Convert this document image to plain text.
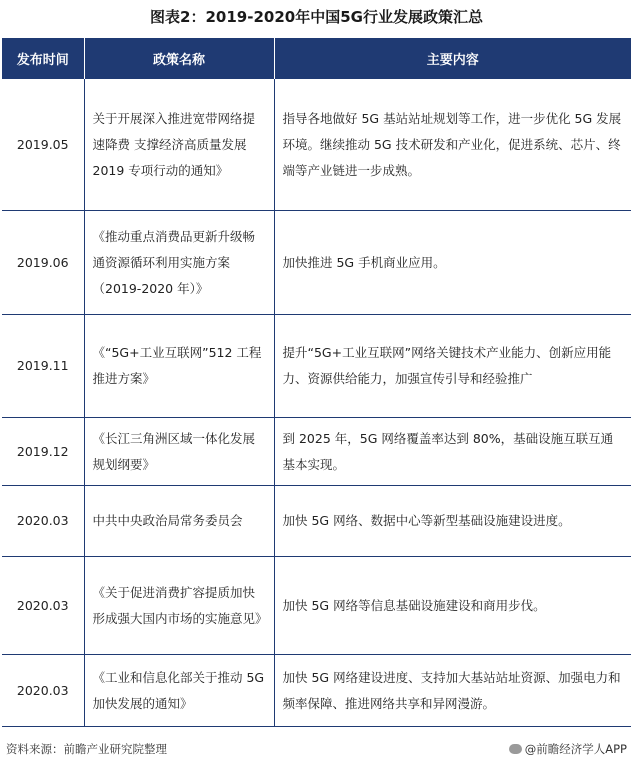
图表2：2019-2020年中国5G行业发展政策汇总
发布时间	政策名称	主要内容
2019.05	关于开展深入推进宽带网络提速降费 支撑经济高质量发展 2019 专项行动的通知》	指导各地做好 5G 基站站址规划等工作，进一步优化 5G 发展环境。继续推动 5G 技术研发和产业化，促进系统、芯片、终端等产业链进一步成熟。
2019.06	《推动重点消费品更新升级畅通资源循环利用实施方案（2019-2020 年）》	加快推进 5G 手机商业应用。
2019.11	《“5G+工业互联网”512 工程推进方案》	提升“5G+工业互联网”网络关键技术产业能力、创新应用能力、资源供给能力，加强宣传引导和经验推广
2019.12	《长江三角洲区域一体化发展规划纲要》	到 2025 年，5G 网络覆盖率达到 80%，基础设施互联互通基本实现。
2020.03	中共中央政治局常务委员会	加快 5G 网络、数据中心等新型基础设施建设进度。
2020.03	《关于促进消费扩容提质加快形成强大国内市场的实施意见》	加快 5G 网络等信息基础设施建设和商用步伐。
2020.03	《工业和信息化部关于推动 5G 加快发展的通知》	加快 5G 网络建设进度、支持加大基站站址资源、加强电力和频率保障、推进网络共享和异网漫游。
资料来源：前瞻产业研究院整理	@前瞻经济学人APP
